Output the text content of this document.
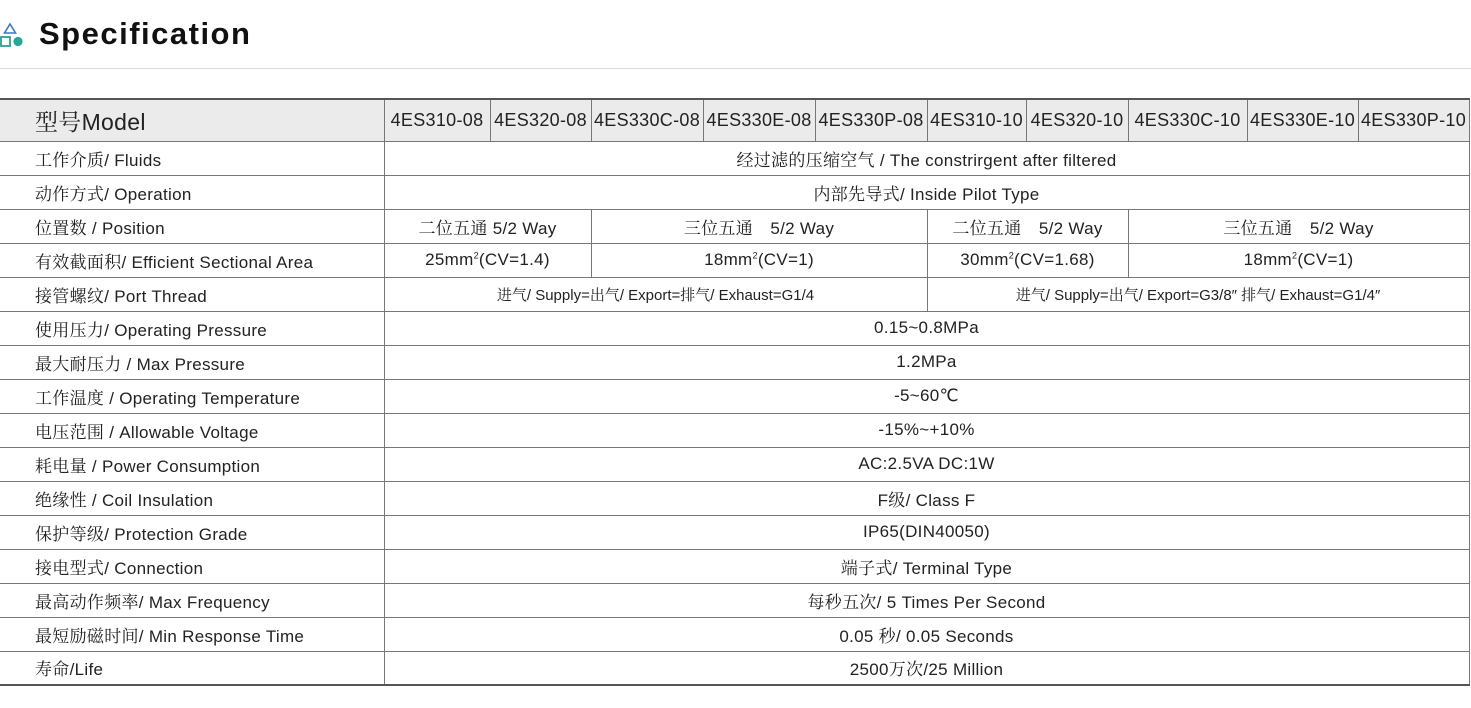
Specification
型号Model	4ES310-08	4ES320-08	4ES330C-08	4ES330E-08	4ES330P-08	4ES310-10	4ES320-10	4ES330C-10	4ES330E-10	4ES330P-10
工作介质/ Fluids	经过滤的压缩空气 / The constrirgent after filtered									
动作方式/ Operation	内部先导式/ Inside Pilot Type									
位置数 / Position	二位五通 5/2 Way		三位五通　5/2 Way			二位五通　5/2 Way		三位五通　5/2 Way		
有效截面积/ Efficient Sectional Area	$25mm^2(CV=1.4)$		$18mm^2(CV=1)$			$30mm^2(CV=1.68)$		$18mm^2(CV=1)$		
接管螺纹/ Port Thread	进气/ Supply=出气/ Export=排气/ Exhaust=G1/4					进气/ Supply=出气/ Export=G3/8″ 排气/ Exhaust=G1/4″				
使用压力/ Operating Pressure	0.15~0.8MPa									
最大耐压力 / Max Pressure	1.2MPa									
工作温度 / Operating Temperature	-5~60℃									
电压范围 / Allowable Voltage	-15%~+10%									
耗电量 / Power Consumption	AC:2.5VA DC:1W									
绝缘性 / Coil Insulation	F级/ Class F									
保护等级/ Protection Grade	IP65(DIN40050)									
接电型式/ Connection	端子式/ Terminal Type									
最高动作频率/ Max Frequency	每秒五次/ 5 Times Per Second									
最短励磁时间/ Min Response Time	0.05 秒/ 0.05 Seconds									
寿命/Life	2500万次/25 Million									
